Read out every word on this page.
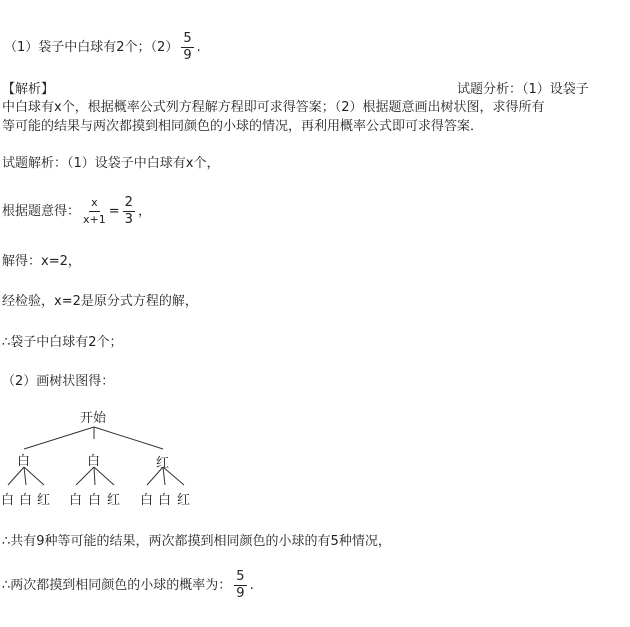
（1）袋子中白球有2个；$(2) \frac{5}{9}$ .
【解析】	试题分析：（1）设袋子
中白球有x个，根据概率公式列方程解方程即可求得答案；（2）根据题意画出树状图，求得所有
等可能的结果与两次都摸到相同颜色的小球的情况，再利用概率公式即可求得答案．
试题解析：（1）设袋子中白球有x个，
根据题意得： $\frac{x}{x+1} = \frac{2}{3}$ ，
解得：x=2，
经检验，x=2是原分式方程的解，
∴袋子中白球有2个；
（2）画树状图得：
开始
白	白	红
白 白 红 白 白 红 白 白 红
∴共有9种等可能的结果，两次都摸到相同颜色的小球的有5种情况，
∴两次都摸到相同颜色的小球的概率为： $\frac{5}{9}$ .
